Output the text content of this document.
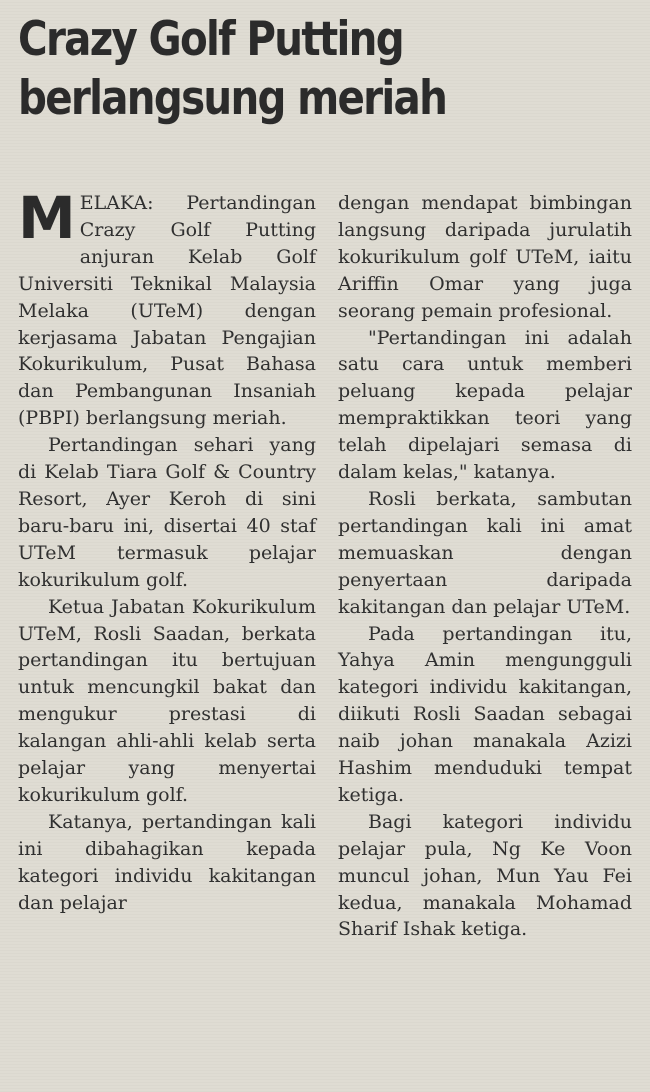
Crazy Golf Putting
berlangsung meriah

MELAKA: Pertandingan Crazy Golf Putting anjuran Kelab Golf Universiti Teknikal Malaysia Melaka (UTeM) dengan kerjasama Jabatan Pengajian Kokurikulum, Pusat Bahasa dan Pembangunan Insaniah (PBPI) berlangsung meriah.

Pertandingan sehari yang di Kelab Tiara Golf & Country Resort, Ayer Keroh di sini baru-baru ini, disertai 40 staf UTeM termasuk pelajar kokurikulum golf.

Ketua Jabatan Kokurikulum UTeM, Rosli Saadan, berkata pertandingan itu bertujuan untuk mencungkil bakat dan mengukur prestasi di kalangan ahli-ahli kelab serta pelajar yang menyertai kokurikulum golf.

Katanya, pertandingan kali ini dibahagikan kepada kategori individu kakitangan dan pelajar

dengan mendapat bimbingan langsung daripada jurulatih kokurikulum golf UTeM, iaitu Ariffin Omar yang juga seorang pemain profesional.

"Pertandingan ini adalah satu cara untuk memberi peluang kepada pelajar mempraktikkan teori yang telah dipelajari semasa di dalam kelas," katanya.

Rosli berkata, sambutan pertandingan kali ini amat memuaskan dengan penyertaan daripada kakitangan dan pelajar UTeM.

Pada pertandingan itu, Yahya Amin mengungguli kategori individu kakitangan, diikuti Rosli Saadan sebagai naib johan manakala Azizi Hashim menduduki tempat ketiga.

Bagi kategori individu pelajar pula, Ng Ke Voon muncul johan, Mun Yau Fei kedua, manakala Mohamad Sharif Ishak ketiga.
